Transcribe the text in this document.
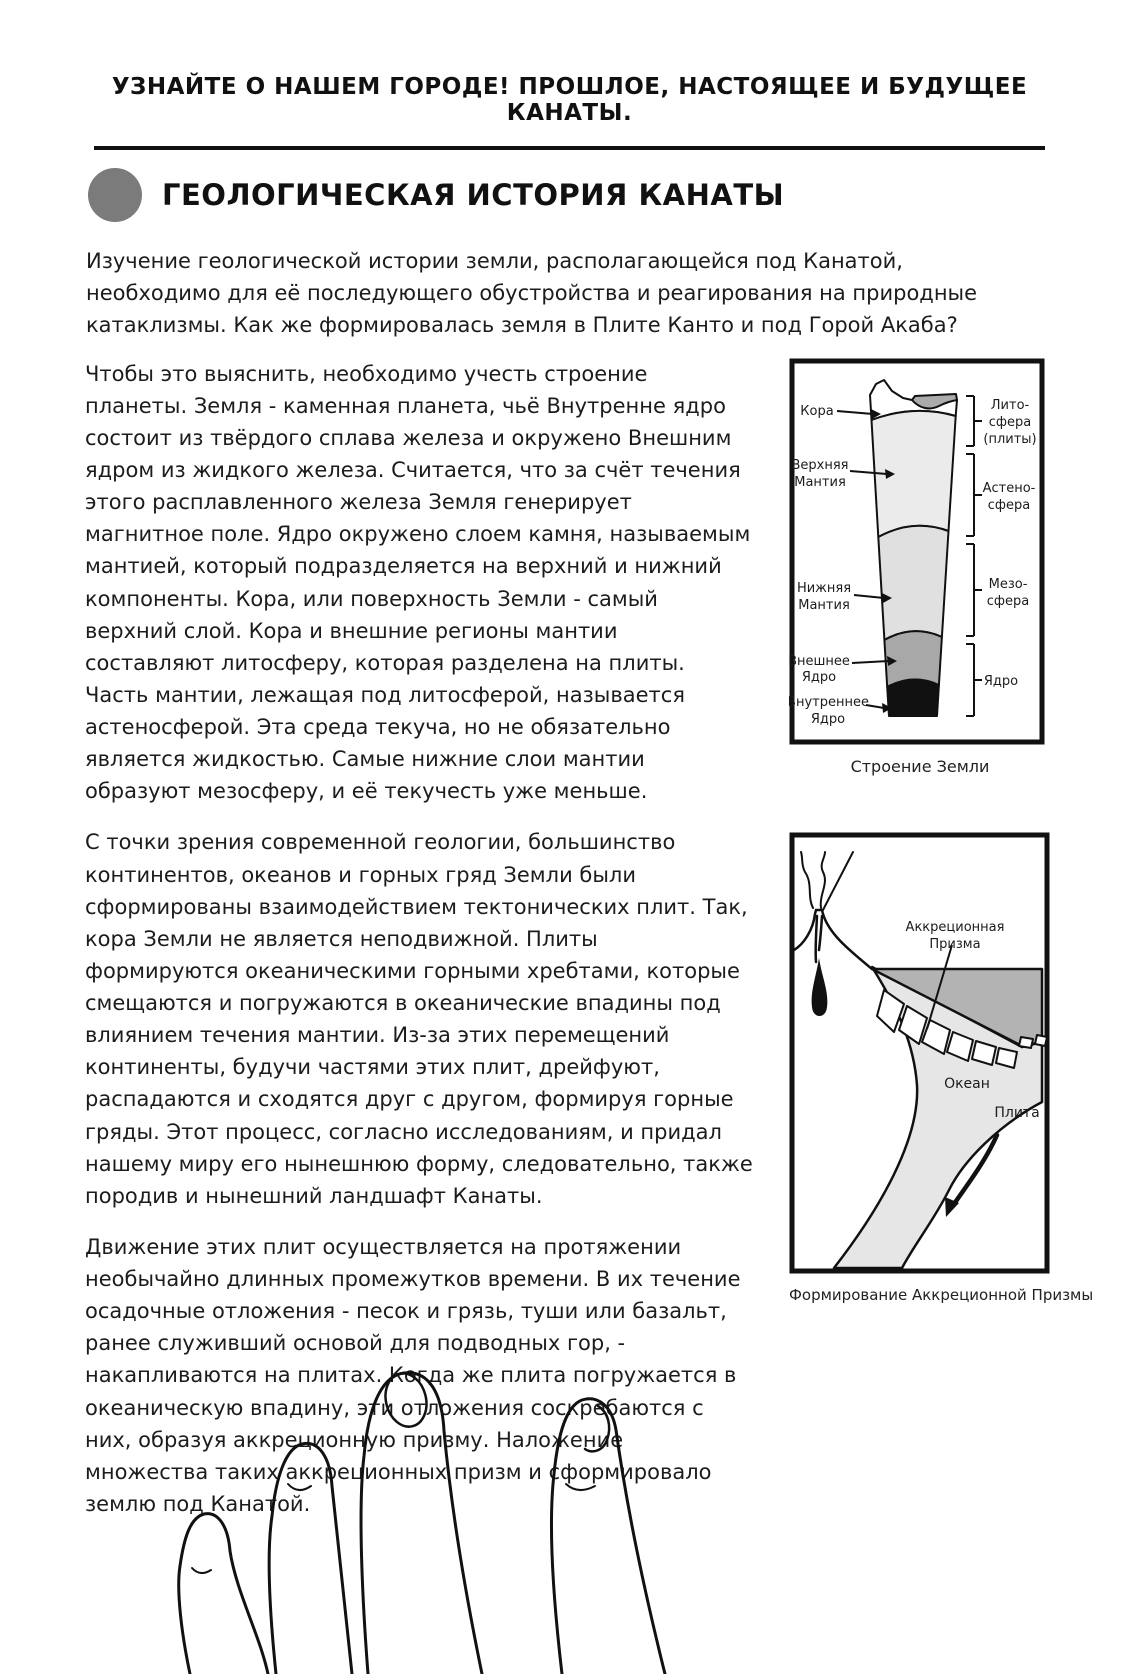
УЗНАЙТЕ О НАШЕМ ГОРОДЕ! ПРОШЛОЕ, НАСТОЯЩЕЕ И БУДУЩЕЕ КАНАТЫ.
ГЕОЛОГИЧЕСКАЯ ИСТОРИЯ КАНАТЫ

Изучение геологической истории земли, располагающейся под Канатой, необходимо для её последующего обустройства и реагирования на природные катаклизмы. Как же формировалась земля в Плите Канто и под Горой Акаба?

Чтобы это выяснить, необходимо учесть строение планеты. Земля - каменная планета, чьё Внутренне ядро состоит из твёрдого сплава железа и окружено Внешним ядром из жидкого железа. Считается, что за счёт течения этого расплавленного железа Земля генерирует магнитное поле. Ядро окружено слоем камня, называемым мантией, который подразделяется на верхний и нижний компоненты. Кора, или поверхность Земли - самый верхний слой. Кора и внешние регионы мантии составляют литосферу, которая разделена на плиты. Часть мантии, лежащая под литосферой, называется астеносферой. Эта среда текуча, но не обязательно является жидкостью. Самые нижние слои мантии образуют мезосферу, и её текучесть уже меньше.

С точки зрения современной геологии, большинство континентов, океанов и горных гряд Земли были сформированы взаимодействием тектонических плит. Так, кора Земли не является неподвижной. Плиты формируются океаническими горными хребтами, которые смещаются и погружаются в океанические впадины под влиянием течения мантии. Из-за этих перемещений континенты, будучи частями этих плит, дрейфуют, распадаются и сходятся друг с другом, формируя горные гряды. Этот процесс, согласно исследованиям, и придал нашему миру его нынешнюю форму, следовательно, также породив и нынешний ландшафт Канаты.

Движение этих плит осуществляется на протяжении необычайно длинных промежутков времени. В их течение осадочные отложения - песок и грязь, туши или базальт, ранее служивший основой для подводных гор, - накапливаются на плитах. Когда же плита погружается в океаническую впадину, эти отложения соскребаются с них, образуя аккреционную призму. Наложение множества таких аккреционных призм и сформировало землю под Канатой.

Кора
Верхняя
Мантия
Нижняя
Мантия
Внешнее
Ядро
Внутреннее
Ядро
Лито-
сфера
(плиты)
Астено-
сфера
Мезо-
сфера
Ядро
Строение Земли
Аккреционная
Призма
Океан
Плита
Формирование Аккреционной Призмы
